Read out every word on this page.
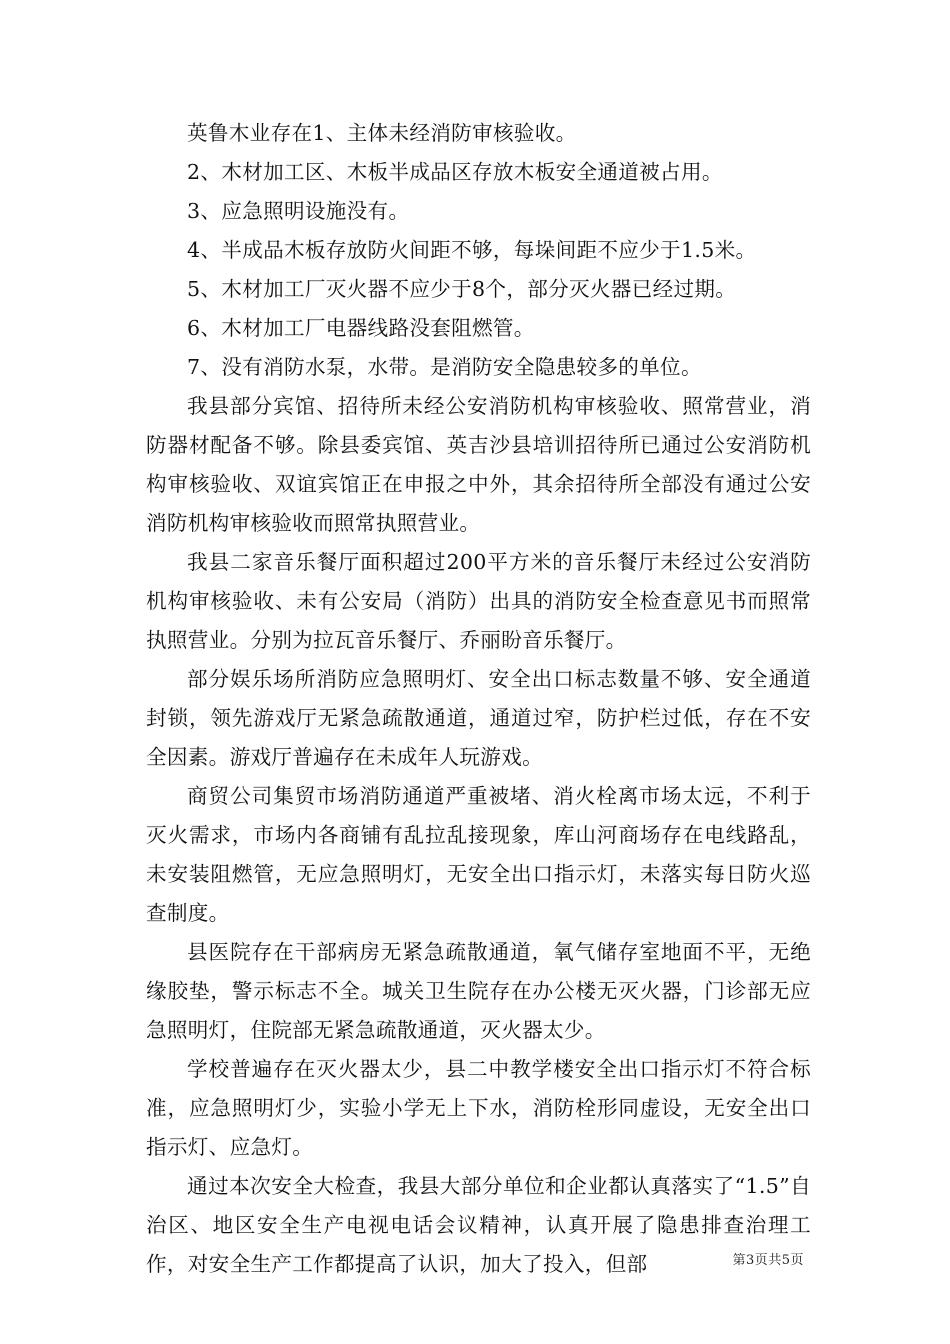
英鲁木业存在1、主体未经消防审核验收。

2、木材加工区、木板半成品区存放木板安全通道被占用。

3、应急照明设施没有。

4、半成品木板存放防火间距不够，每垛间距不应少于1.5米。

5、木材加工厂灭火器不应少于8个，部分灭火器已经过期。

6、木材加工厂电器线路没套阻燃管。

7、没有消防水泵，水带。是消防安全隐患较多的单位。

我县部分宾馆、招待所未经公安消防机构审核验收、照常营业，消防器材配备不够。除县委宾馆、英吉沙县培训招待所已通过公安消防机构审核验收、双谊宾馆正在申报之中外，其余招待所全部没有通过公安消防机构审核验收而照常执照营业。

我县二家音乐餐厅面积超过200平方米的音乐餐厅未经过公安消防机构审核验收、未有公安局（消防）出具的消防安全检查意见书而照常执照营业。分别为拉瓦音乐餐厅、乔丽盼音乐餐厅。

部分娱乐场所消防应急照明灯、安全出口标志数量不够、安全通道封锁，领先游戏厅无紧急疏散通道，通道过窄，防护栏过低，存在不安全因素。游戏厅普遍存在未成年人玩游戏。

商贸公司集贸市场消防通道严重被堵、消火栓离市场太远，不利于灭火需求，市场内各商铺有乱拉乱接现象，库山河商场存在电线路乱，未安装阻燃管，无应急照明灯，无安全出口指示灯，未落实每日防火巡查制度。

县医院存在干部病房无紧急疏散通道，氧气储存室地面不平，无绝缘胶垫，警示标志不全。城关卫生院存在办公楼无灭火器，门诊部无应急照明灯，住院部无紧急疏散通道，灭火器太少。

学校普遍存在灭火器太少，县二中教学楼安全出口指示灯不符合标准，应急照明灯少，实验小学无上下水，消防栓形同虚设，无安全出口指示灯、应急灯。

通过本次安全大检查，我县大部分单位和企业都认真落实了“1.5”自治区、地区安全生产电视电话会议精神，认真开展了隐患排查治理工作，对安全生产工作都提高了认识，加大了投入，但部	第3页共5页
